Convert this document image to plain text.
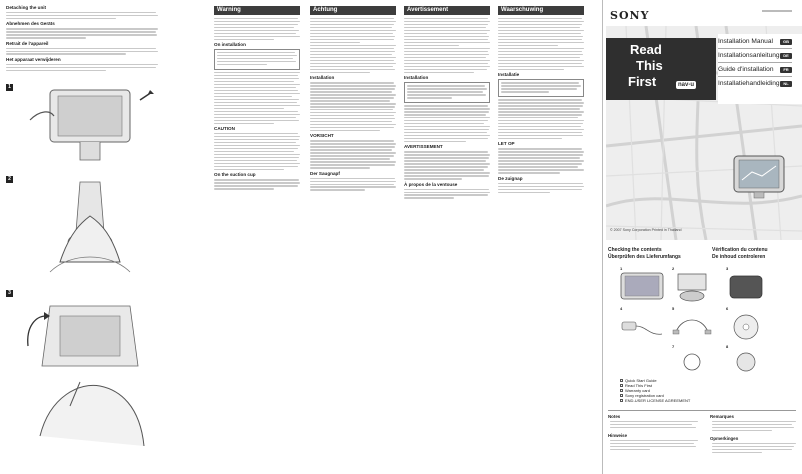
Detaching the unit
Abnehmen des Geräts
Retrait de l'appareil
Het apparaat verwijderen
1
2
3
Warning
On installation
CAUTION
On the suction cup
Achtung
Installation
VORSICHT
Der Saugnapf
Avertissement
Installation
AVERTISSEMENT
À propos de la ventouse
Waarschuwing
Installatie
LET OP
De zuignap
SONY
Read
This
First	nav-u
Installation Manual	GB
Installationsanleitung DE
Guide d'installation	FR
Installatiehandleiding NL
© 2007 Sony Corporation Printed in Thailand
Checking the contents
Überprüfen des Lieferumfangs
Vérification du contenu
De inhoud controleren
1	2	3
4	5	6
7	8
Quick Start Guide
Read This First
Warranty card
Sony registration card
END-USER LICENSE AGREEMENT
Notes
Hinweise
Remarques
Opmerkingen
